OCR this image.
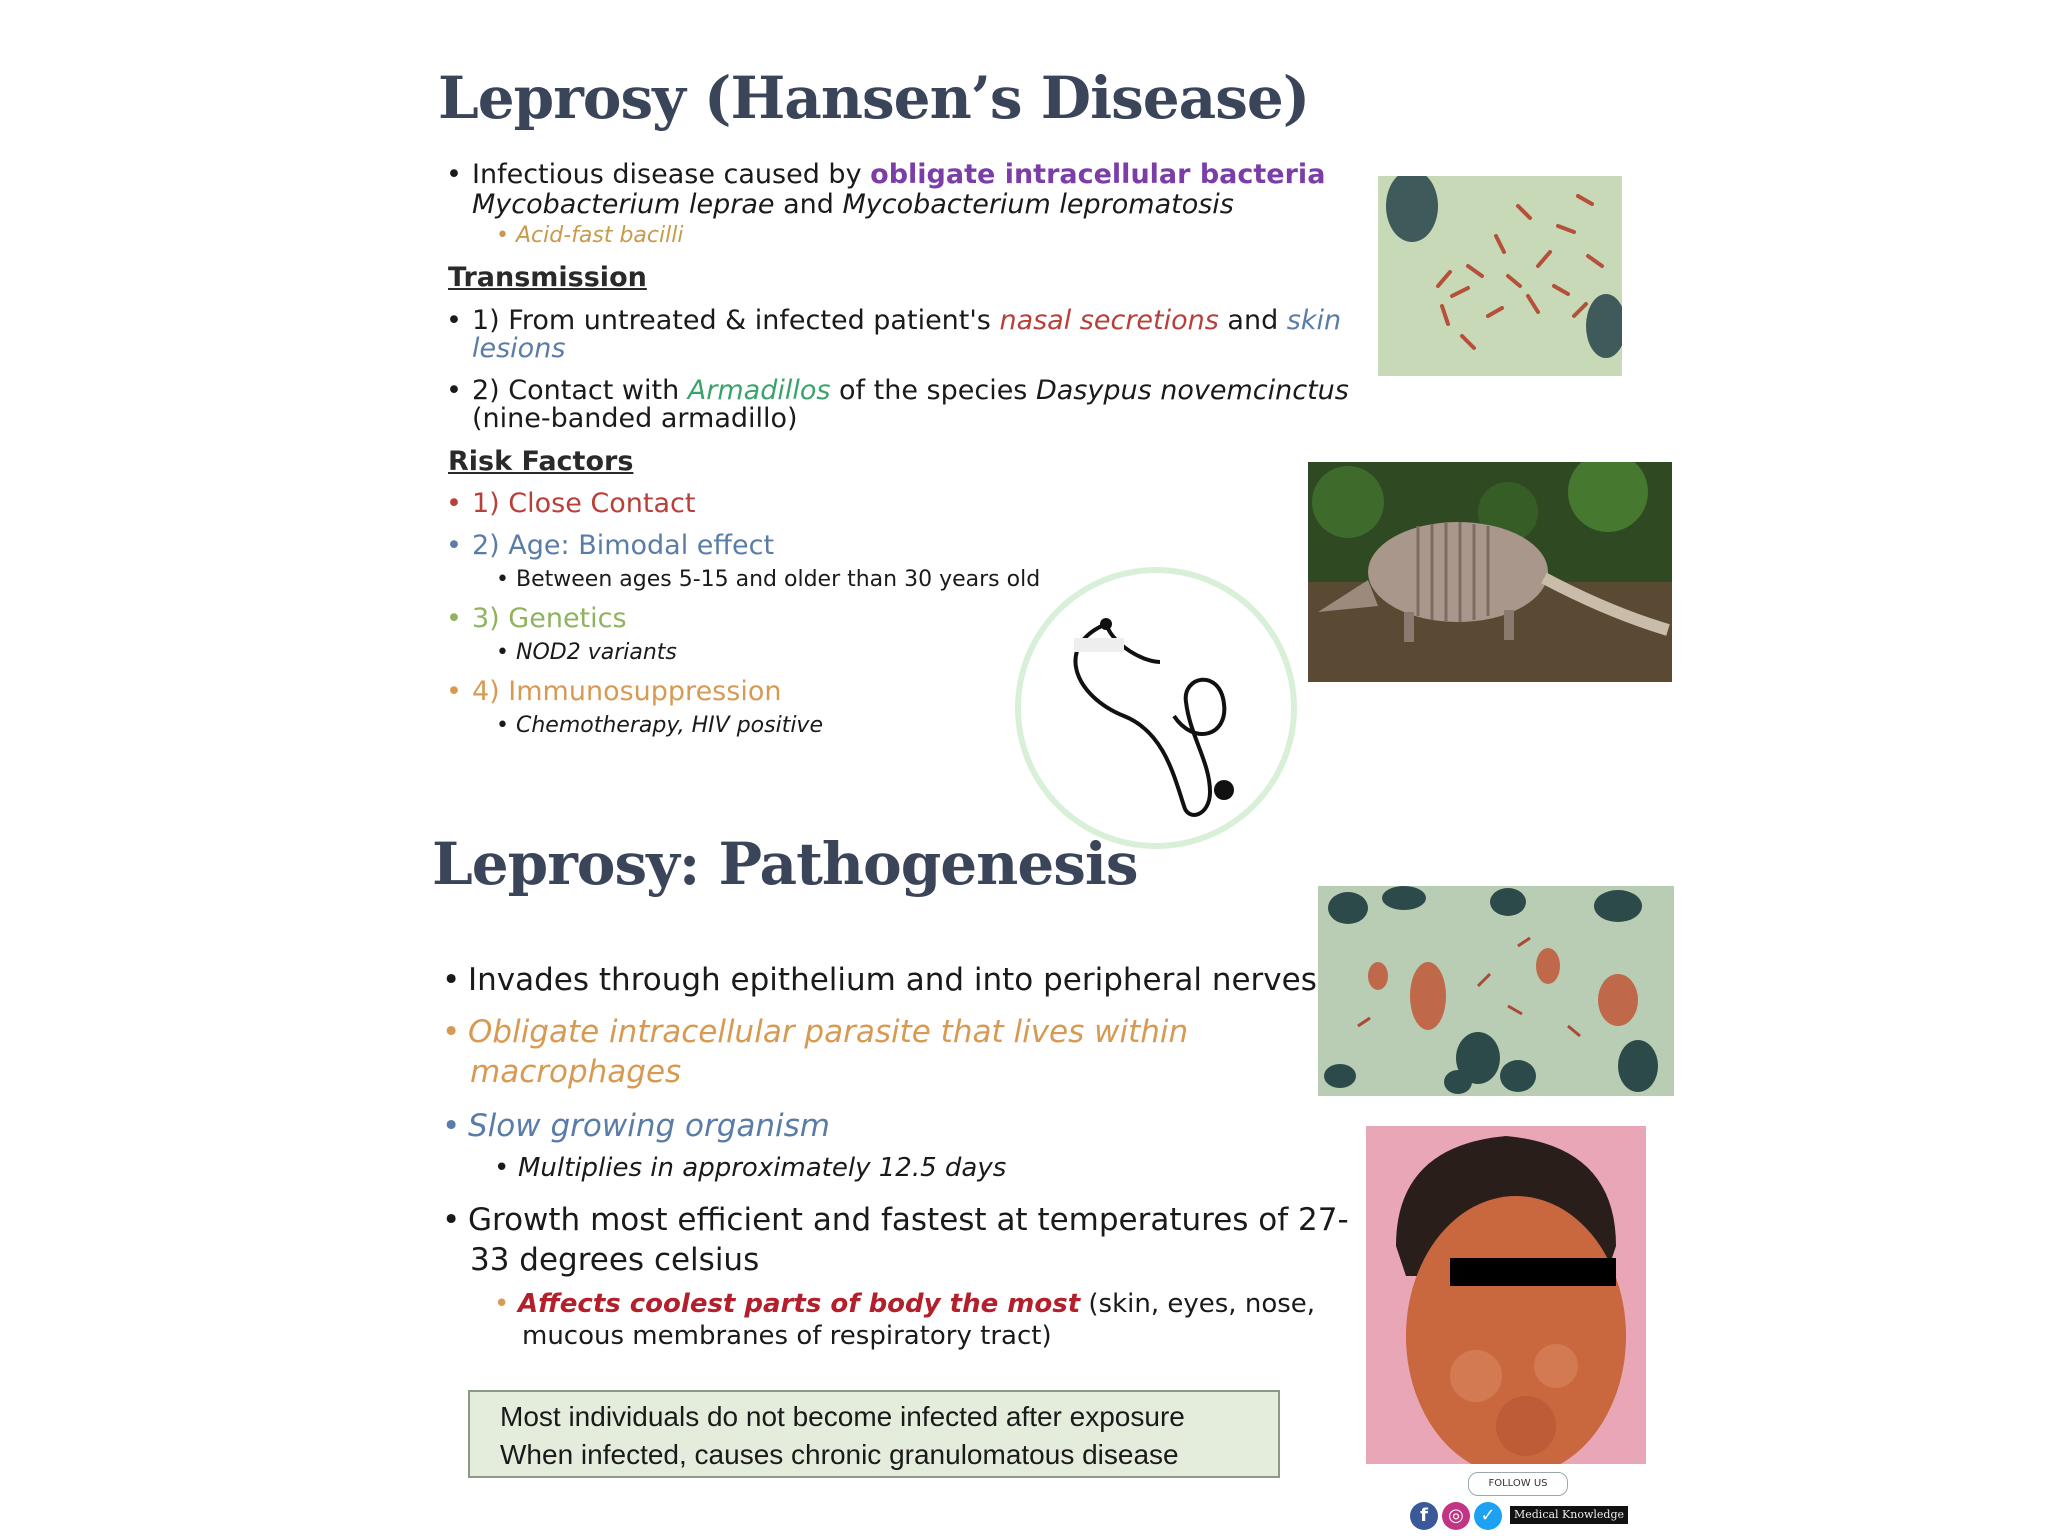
Leprosy (Hansen’s Disease)
• Infectious disease caused by obligate intracellular bacteria
Mycobacterium leprae and Mycobacterium lepromatosis
• Acid-fast bacilli
Transmission
• 1) From untreated & infected patient's nasal secretions and skin
lesions
• 2) Contact with Armadillos of the species Dasypus novemcinctus
(nine-banded armadillo)
Risk Factors
• 1) Close Contact
• 2) Age: Bimodal effect
• Between ages 5-15 and older than 30 years old
• 3) Genetics
• NOD2 variants
• 4) Immunosuppression
• Chemotherapy, HIV positive
Leprosy: Pathogenesis
• Invades through epithelium and into peripheral nerves
• Obligate intracellular parasite that lives within
macrophages
• Slow growing organism
• Multiplies in approximately 12.5 days
• Growth most efficient and fastest at temperatures of 27-
33 degrees celsius
• Affects coolest parts of body the most (skin, eyes, nose,
mucous membranes of respiratory tract)
Most individuals do not become infected after exposure
When infected, causes chronic granulomatous disease
FOLLOW US
f	◎ ✓	Medical Knowledge
